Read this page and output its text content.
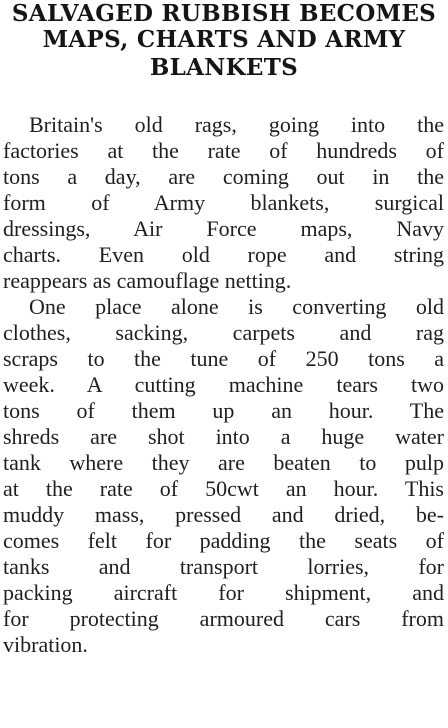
SALVAGED RUBBISH BECOMES
MAPS, CHARTS AND ARMY
BLANKETS
Britain's old rags, going into the
factories at the rate of hundreds of
tons a day, are coming out in the
form of Army blankets, surgical
dressings, Air Force maps, Navy
charts. Even old rope and string
reappears as camouflage netting.
One place alone is converting old
clothes, sacking, carpets and rag
scraps to the tune of 250 tons a
week. A cutting machine tears two
tons of them up an hour. The
shreds are shot into a huge water
tank where they are beaten to pulp
at the rate of 50cwt an hour. This
muddy mass, pressed and dried, be-
comes felt for padding the seats of
tanks and transport lorries, for
packing aircraft for shipment, and
for protecting armoured cars from
vibration.
